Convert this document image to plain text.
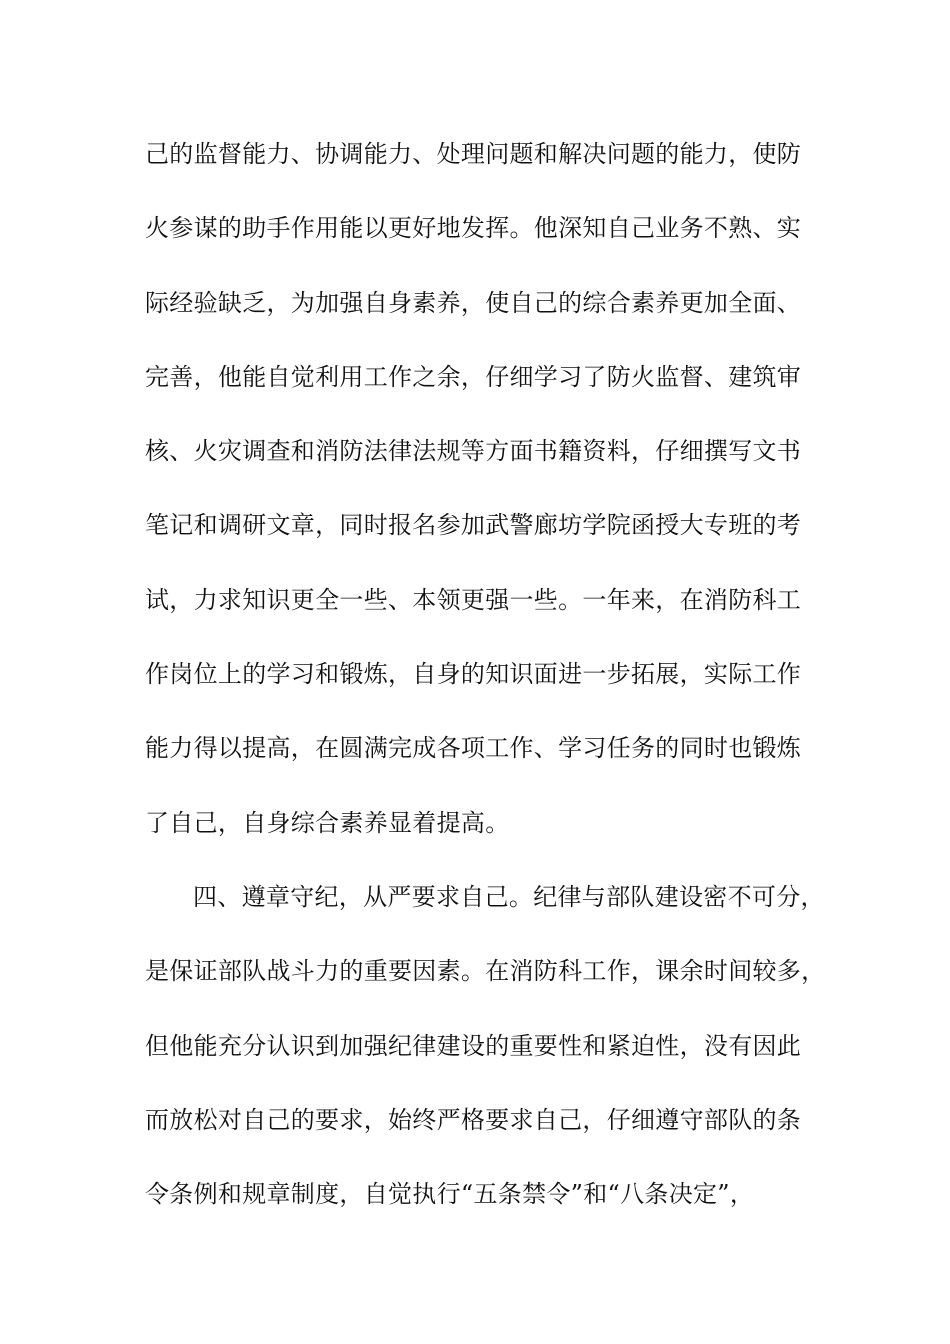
己的监督能力、协调能力、处理问题和解决问题的能力，使防
火参谋的助手作用能以更好地发挥。他深知自己业务不熟、实
际经验缺乏，为加强自身素养，使自己的综合素养更加全面、
完善，他能自觉利用工作之余，仔细学习了防火监督、建筑审
核、火灾调查和消防法律法规等方面书籍资料，仔细撰写文书
笔记和调研文章，同时报名参加武警廊坊学院函授大专班的考
试，力求知识更全一些、本领更强一些。一年来，在消防科工
作岗位上的学习和锻炼，自身的知识面进一步拓展，实际工作
能力得以提高，在圆满完成各项工作、学习任务的同时也锻炼
了自己，自身综合素养显着提高。
四、遵章守纪，从严要求自己。纪律与部队建设密不可分，
是保证部队战斗力的重要因素。在消防科工作，课余时间较多，
但他能充分认识到加强纪律建设的重要性和紧迫性，没有因此
而放松对自己的要求，始终严格要求自己，仔细遵守部队的条
令条例和规章制度，自觉执行“五条禁令”和“八条决定”，
